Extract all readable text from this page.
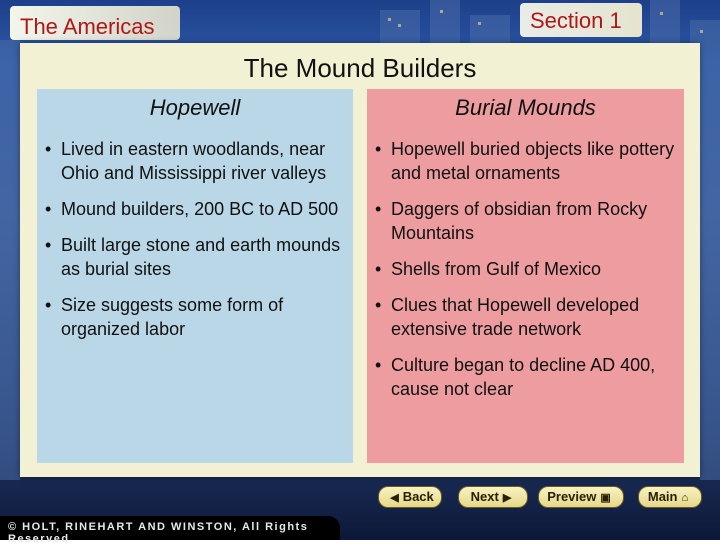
The Americas	Section 1
The Mound Builders
Hopewell
• Lived in eastern woodlands, near Ohio and Mississippi river valleys
• Mound builders, 200 BC to AD 500
• Built large stone and earth mounds as burial sites
• Size suggests some form of organized labor
Burial Mounds
• Hopewell buried objects like pottery and metal ornaments
• Daggers of obsidian from Rocky Mountains
• Shells from Gulf of Mexico
• Clues that Hopewell developed extensive trade network
• Culture began to decline AD 400, cause not clear
◀ Back	Next ▶	Preview ▣	Main ⌂
© HOLT, RINEHART AND WINSTON, All Rights Reserved
